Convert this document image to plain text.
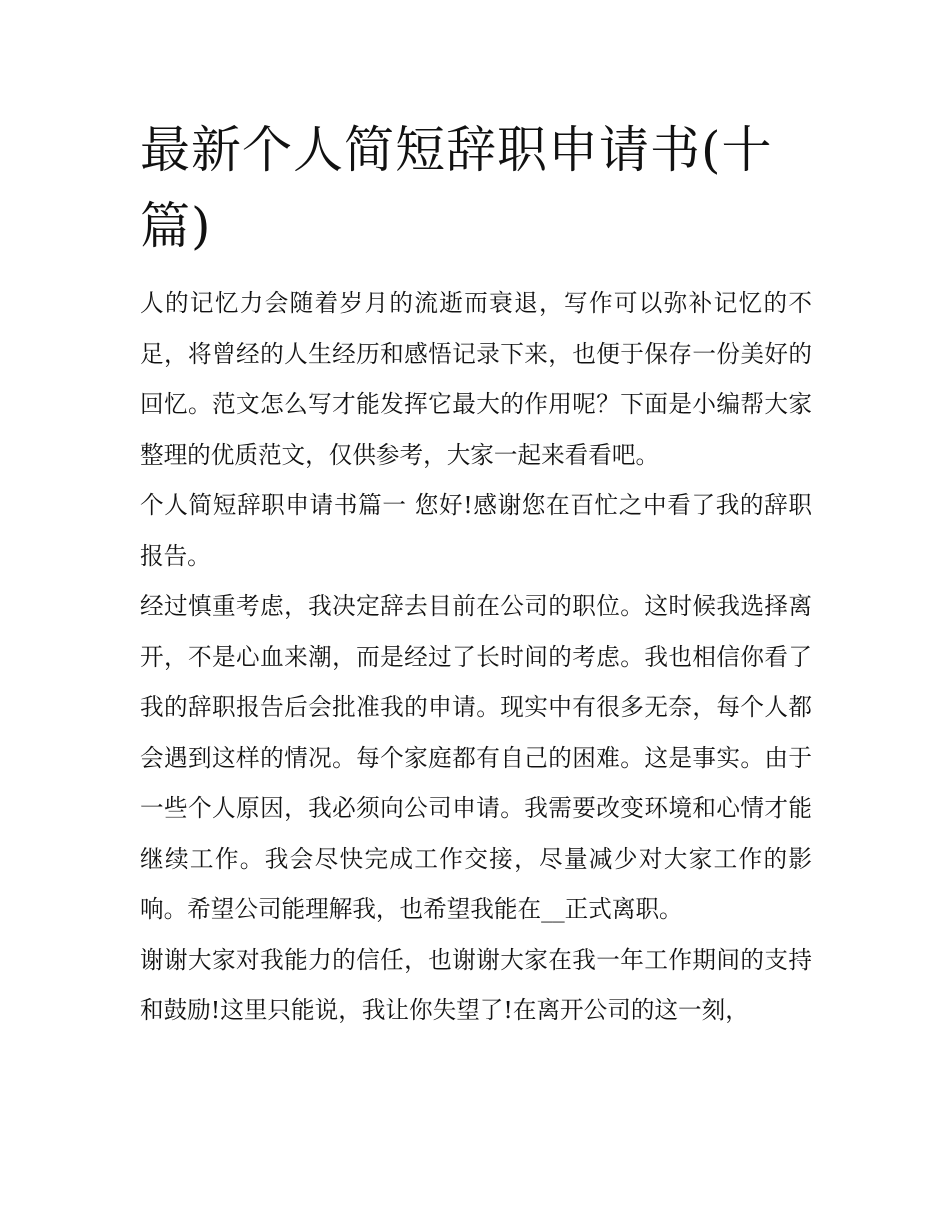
最新个人简短辞职申请书(十篇)

人的记忆力会随着岁月的流逝而衰退，写作可以弥补记忆的不足，将曾经的人生经历和感悟记录下来，也便于保存一份美好的回忆。范文怎么写才能发挥它最大的作用呢？下面是小编帮大家整理的优质范文，仅供参考，大家一起来看看吧。

个人简短辞职申请书篇一 您好!感谢您在百忙之中看了我的辞职报告。

经过慎重考虑，我决定辞去目前在公司的职位。这时候我选择离开，不是心血来潮，而是经过了长时间的考虑。我也相信你看了我的辞职报告后会批准我的申请。现实中有很多无奈，每个人都会遇到这样的情况。每个家庭都有自己的困难。这是事实。由于一些个人原因，我必须向公司申请。我需要改变环境和心情才能继续工作。我会尽快完成工作交接，尽量减少对大家工作的影响。希望公司能理解我，也希望我能在__正式离职。

谢谢大家对我能力的信任，也谢谢大家在我一年工作期间的支持和鼓励!这里只能说，我让你失望了!在离开公司的这一刻，
